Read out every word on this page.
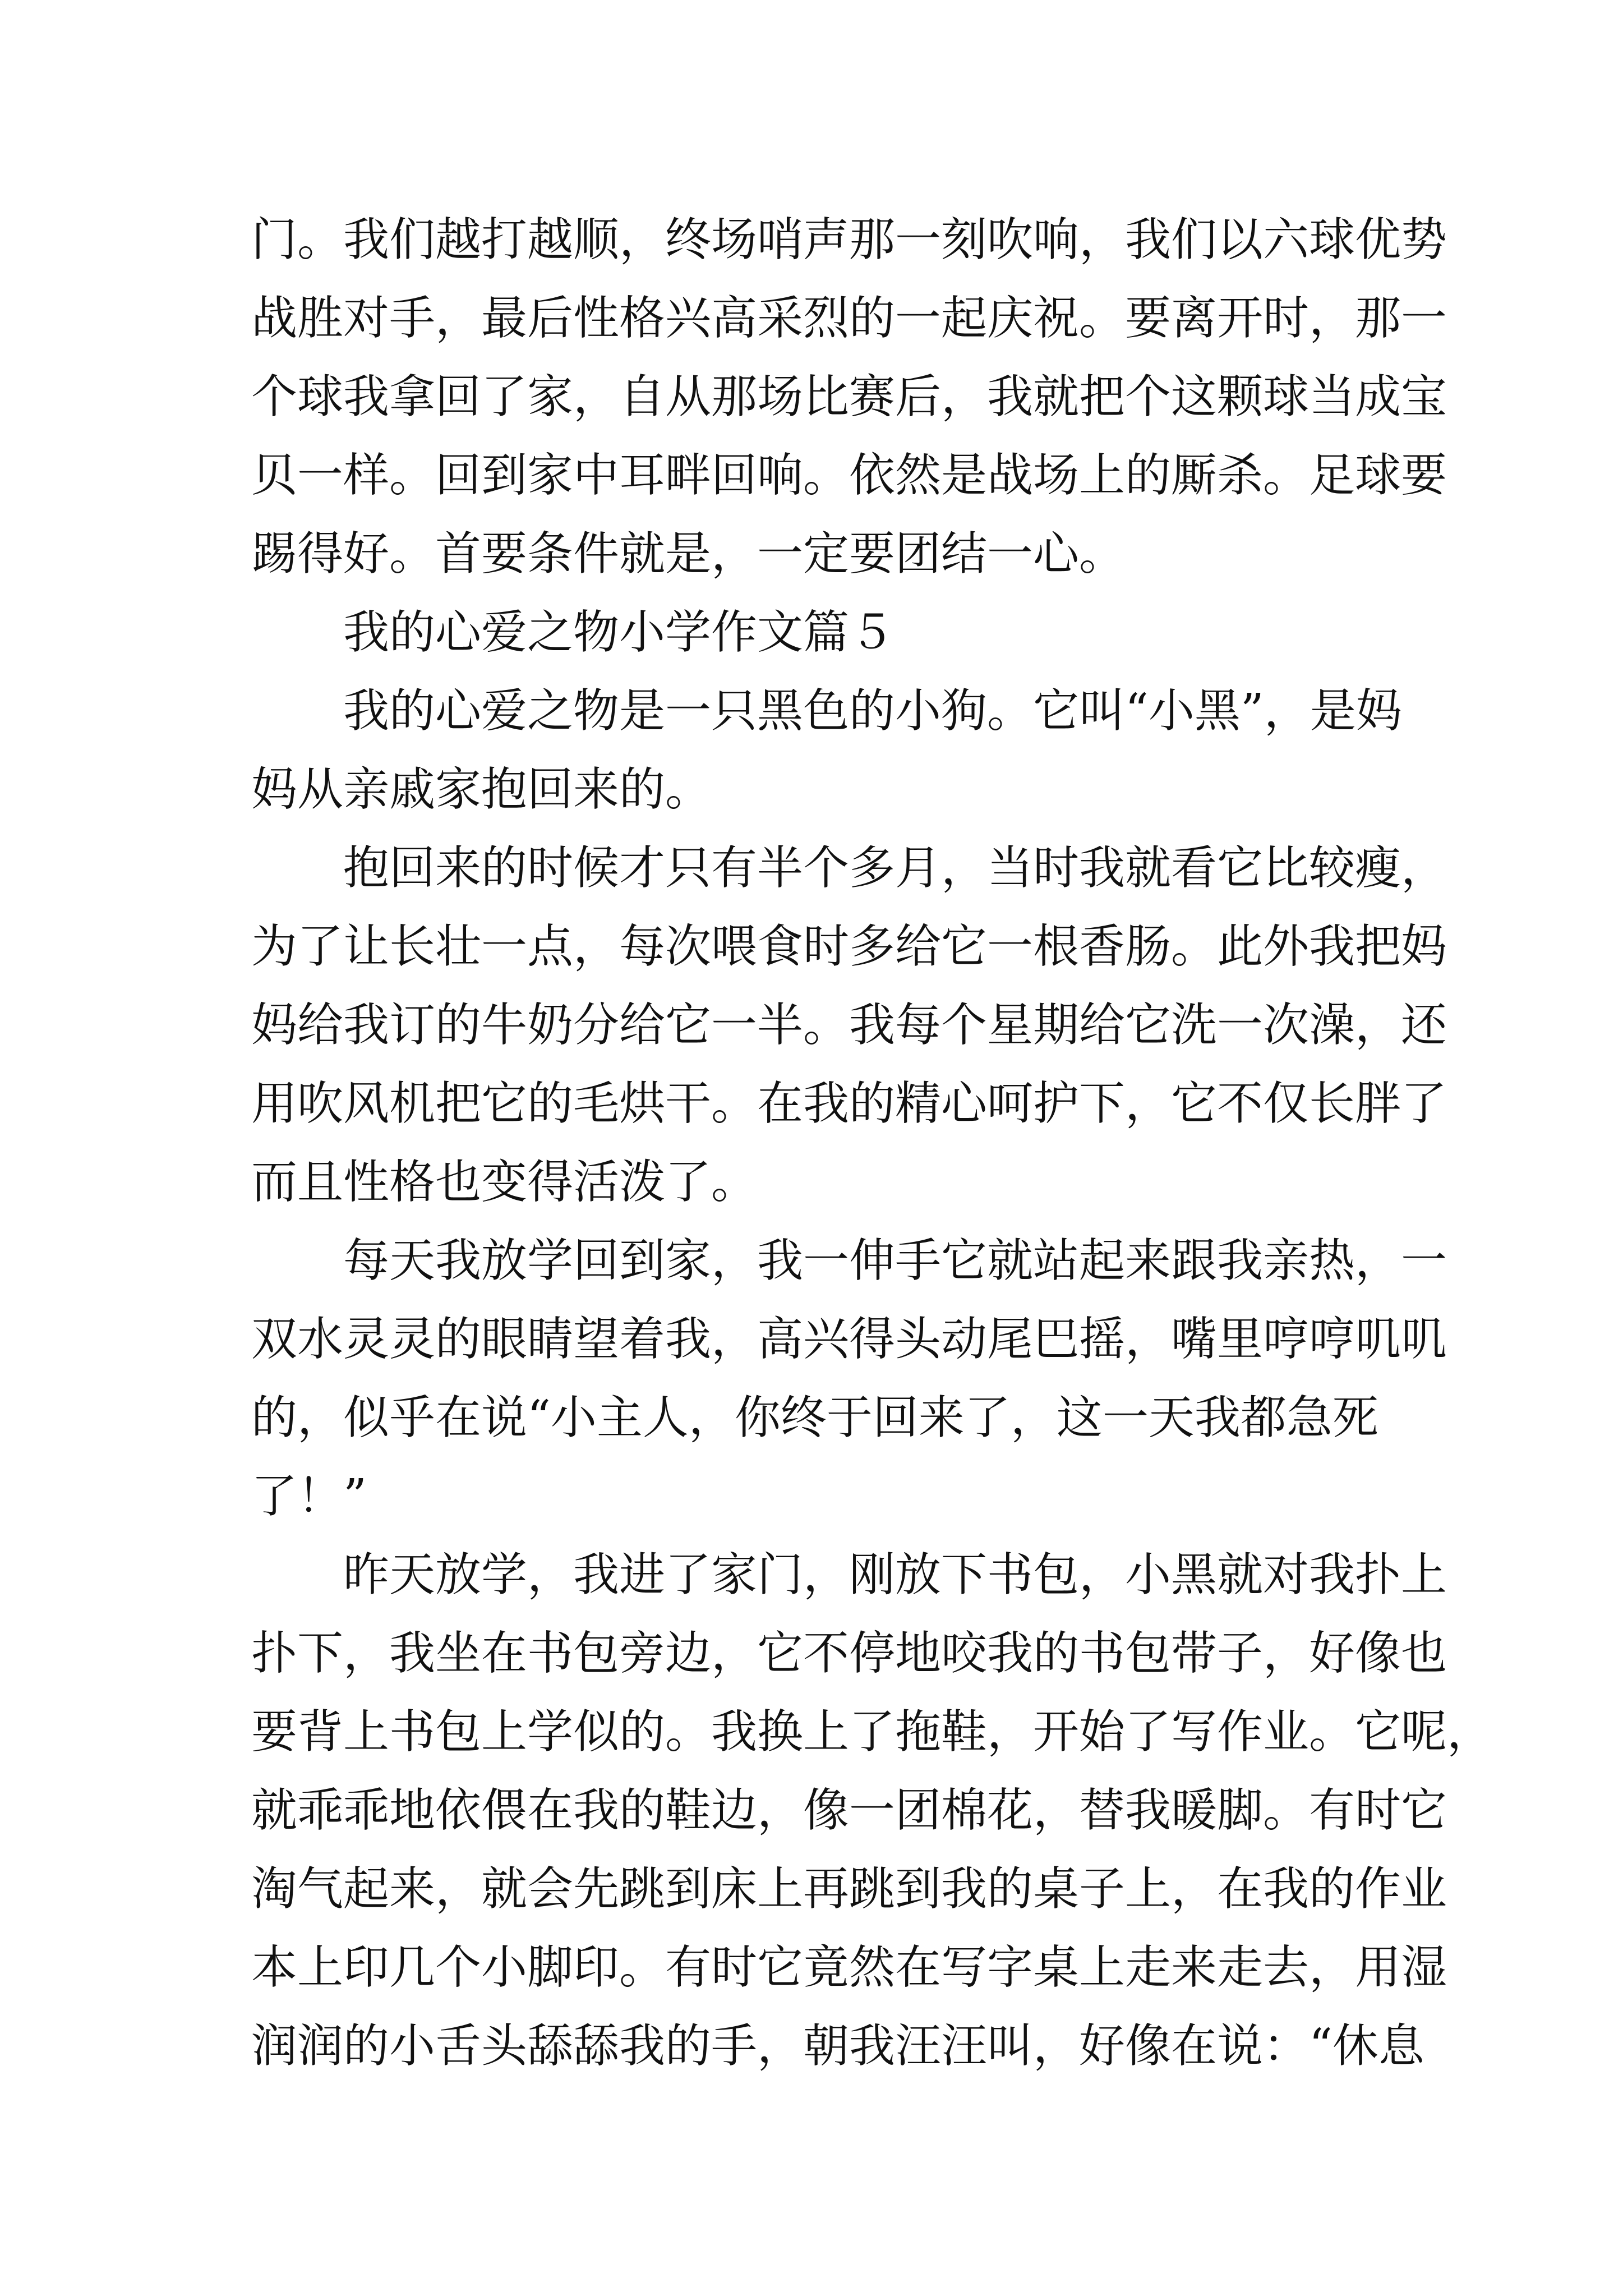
门。我们越打越顺，终场哨声那一刻吹响，我们以六球优势
战胜对手，最后性格兴高采烈的一起庆祝。要离开时，那一
个球我拿回了家，自从那场比赛后，我就把个这颗球当成宝
贝一样。回到家中耳畔回响。依然是战场上的厮杀。足球要
踢得好。首要条件就是，一定要团结一心。
我的心爱之物小学作文篇５
我的心爱之物是一只黑色的小狗。它叫“小黑”，是妈
妈从亲戚家抱回来的。
抱回来的时候才只有半个多月，当时我就看它比较瘦，
为了让长壮一点，每次喂食时多给它一根香肠。此外我把妈
妈给我订的牛奶分给它一半。我每个星期给它洗一次澡，还
用吹风机把它的毛烘干。在我的精心呵护下，它不仅长胖了
而且性格也变得活泼了。
每天我放学回到家，我一伸手它就站起来跟我亲热，一
双水灵灵的眼睛望着我，高兴得头动尾巴摇，嘴里哼哼叽叽
的，似乎在说“小主人，你终于回来了，这一天我都急死
了！”
昨天放学，我进了家门，刚放下书包，小黑就对我扑上
扑下，我坐在书包旁边，它不停地咬我的书包带子，好像也
要背上书包上学似的。我换上了拖鞋，开始了写作业。它呢，
就乖乖地依偎在我的鞋边，像一团棉花，替我暖脚。有时它
淘气起来，就会先跳到床上再跳到我的桌子上，在我的作业
本上印几个小脚印。有时它竟然在写字桌上走来走去，用湿
润润的小舌头舔舔我的手，朝我汪汪叫，好像在说：“休息
